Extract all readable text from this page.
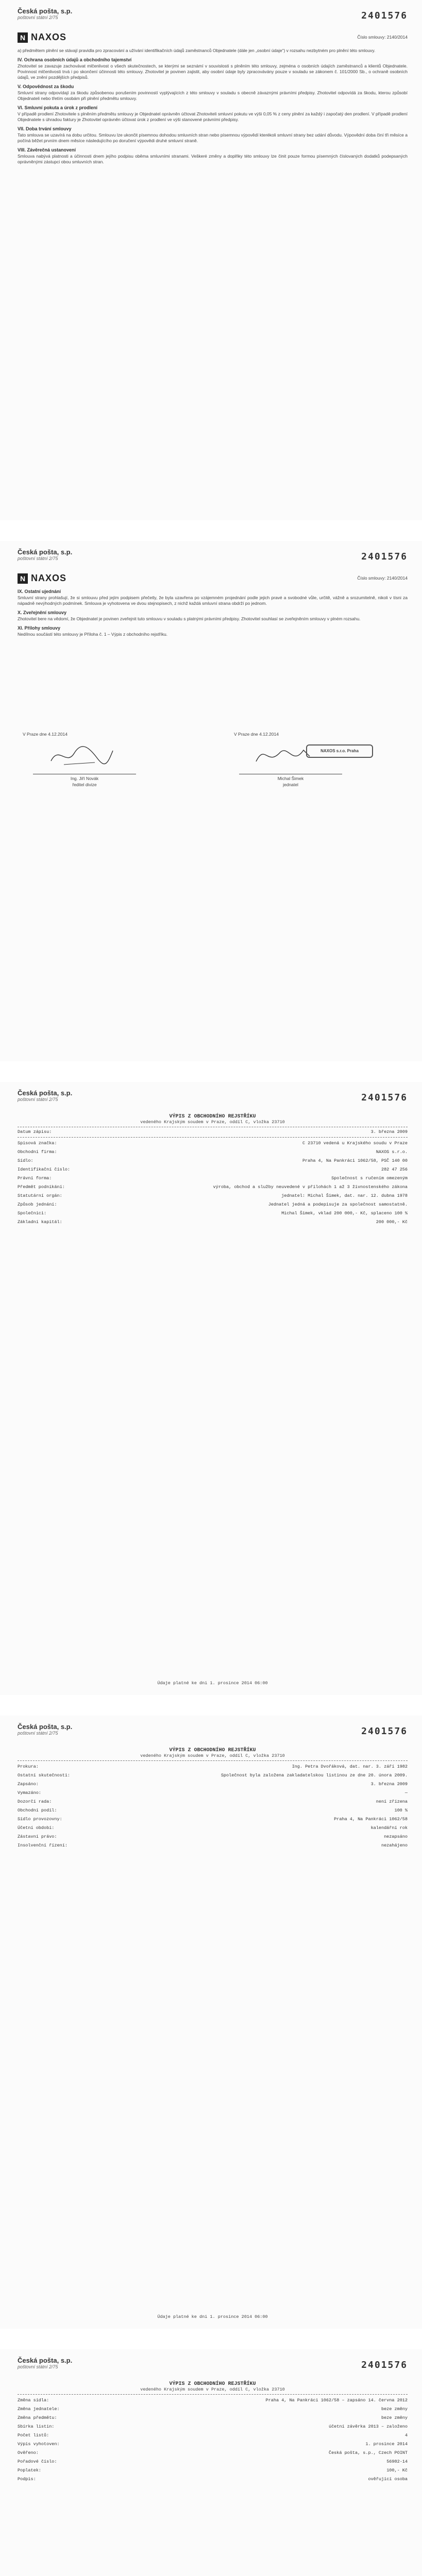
Česká pošta, s.p.
poštovní státní 2/75	2401576
N NAXOS	Číslo smlouvy: 2140/2014
a) předmětem plnění se stávají pravidla pro zpracování a užívání identifikačních údajů zaměstnanců Objednatele (dále jen „osobní údaje“) v rozsahu nezbytném pro plnění této smlouvy.
IV. Ochrana osobních údajů a obchodního tajemství
Zhotovitel se zavazuje zachovávat mlčenlivost o všech skutečnostech, se kterými se seznámí v souvislosti s plněním této smlouvy, zejména o osobních údajích zaměstnanců a klientů Objednatele. Povinnost mlčenlivosti trvá i po skončení účinnosti této smlouvy. Zhotovitel je povinen zajistit, aby osobní údaje byly zpracovávány pouze v souladu se zákonem č. 101/2000 Sb., o ochraně osobních údajů, ve znění pozdějších předpisů.
V. Odpovědnost za škodu
Smluvní strany odpovídají za škodu způsobenou porušením povinností vyplývajících z této smlouvy v souladu s obecně závaznými právními předpisy. Zhotovitel odpovídá za škodu, kterou způsobí Objednateli nebo třetím osobám při plnění předmětu smlouvy.
VI. Smluvní pokuta a úrok z prodlení
V případě prodlení Zhotovitele s plněním předmětu smlouvy je Objednatel oprávněn účtovat Zhotoviteli smluvní pokutu ve výši 0,05 % z ceny plnění za každý i započatý den prodlení. V případě prodlení Objednatele s úhradou faktury je Zhotovitel oprávněn účtovat úrok z prodlení ve výši stanovené právními předpisy.
VII. Doba trvání smlouvy
Tato smlouva se uzavírá na dobu určitou. Smlouvu lze ukončit písemnou dohodou smluvních stran nebo písemnou výpovědí kterékoli smluvní strany bez udání důvodu. Výpovědní doba činí tři měsíce a počíná běžet prvním dnem měsíce následujícího po doručení výpovědi druhé smluvní straně.
VIII. Závěrečná ustanovení
Smlouva nabývá platnosti a účinnosti dnem jejího podpisu oběma smluvními stranami. Veškeré změny a doplňky této smlouvy lze činit pouze formou písemných číslovaných dodatků podepsaných oprávněnými zástupci obou smluvních stran.
Česká pošta, s.p.
poštovní státní 2/75	2401576
N NAXOS	Číslo smlouvy: 2140/2014
IX. Ostatní ujednání
Smluvní strany prohlašují, že si smlouvu před jejím podpisem přečetly, že byla uzavřena po vzájemném projednání podle jejich pravé a svobodné vůle, určitě, vážně a srozumitelně, nikoli v tísni za nápadně nevýhodných podmínek. Smlouva je vyhotovena ve dvou stejnopisech, z nichž každá smluvní strana obdrží po jednom.
X. Zveřejnění smlouvy
Zhotovitel bere na vědomí, že Objednatel je povinen zveřejnit tuto smlouvu v souladu s platnými právními předpisy. Zhotovitel souhlasí se zveřejněním smlouvy v plném rozsahu.
XI. Přílohy smlouvy
Nedílnou součástí této smlouvy je Příloha č. 1 – Výpis z obchodního rejstříku.
V Praze dne 4.12.2014	V Praze dne 4.12.2014
NAXOS s.r.o. Praha
Ing. Jiří Novák
ředitel divize
Michal Šimek
jednatel
Česká pošta, s.p.
poštovní státní 2/75	2401576
VÝPIS Z OBCHODNÍHO REJSTŘÍKU
vedeného Krajským soudem v Praze, oddíl C, vložka 23710
Datum zápisu:	3. března 2009
Spisová značka:	C 23710 vedená u Krajského soudu v Praze
Obchodní firma:	NAXOS s.r.o.
Sídlo:	Praha 4, Na Pankráci 1062/58, PSČ 140 00
Identifikační číslo:	282 47 256
Právní forma:	Společnost s ručením omezeným
Předmět podnikání:	výroba, obchod a služby neuvedené v přílohách 1 až 3 živnostenského zákona
Statutární orgán:	jednatel: Michal Šimek, dat. nar. 12. dubna 1978
Způsob jednání:	Jednatel jedná a podepisuje za společnost samostatně.
Společníci:	Michal Šimek, vklad 200 000,- Kč, splaceno 100 %
Základní kapitál:	200 000,- Kč
Údaje platné ke dni 1. prosince 2014 06:00
Česká pošta, s.p.
poštovní státní 2/75	2401576
VÝPIS Z OBCHODNÍHO REJSTŘÍKU
vedeného Krajským soudem v Praze, oddíl C, vložka 23710
Prokura:	Ing. Petra Dvořáková, dat. nar. 3. září 1982
Ostatní skutečnosti:	Společnost byla založena zakladatelskou listinou ze dne 20. února 2009.
Zapsáno:	3. března 2009
Vymazáno:	—
Dozorčí rada:	není zřízena
Obchodní podíl:	100 %
Sídlo provozovny:	Praha 4, Na Pankráci 1062/58
Účetní období:	kalendářní rok
Zástavní právo:	nezapsáno
Insolvenční řízení:	nezahájeno
Údaje platné ke dni 1. prosince 2014 06:00
Česká pošta, s.p.
poštovní státní 2/75	2401576
VÝPIS Z OBCHODNÍHO REJSTŘÍKU
vedeného Krajským soudem v Praze, oddíl C, vložka 23710
Změna sídla:	Praha 4, Na Pankráci 1062/58 – zapsáno 14. června 2012
Změna jednatele:	beze změny
Změna předmětu:	beze změny
Sbírka listin:	účetní závěrka 2013 – založeno
Počet listů:	4
Výpis vyhotoven:	1. prosince 2014
Ověřeno:	Česká pošta, s.p., Czech POINT
Pořadové číslo:	56982-14
Poplatek:	100,- Kč
Podpis:	ověřující osoba
